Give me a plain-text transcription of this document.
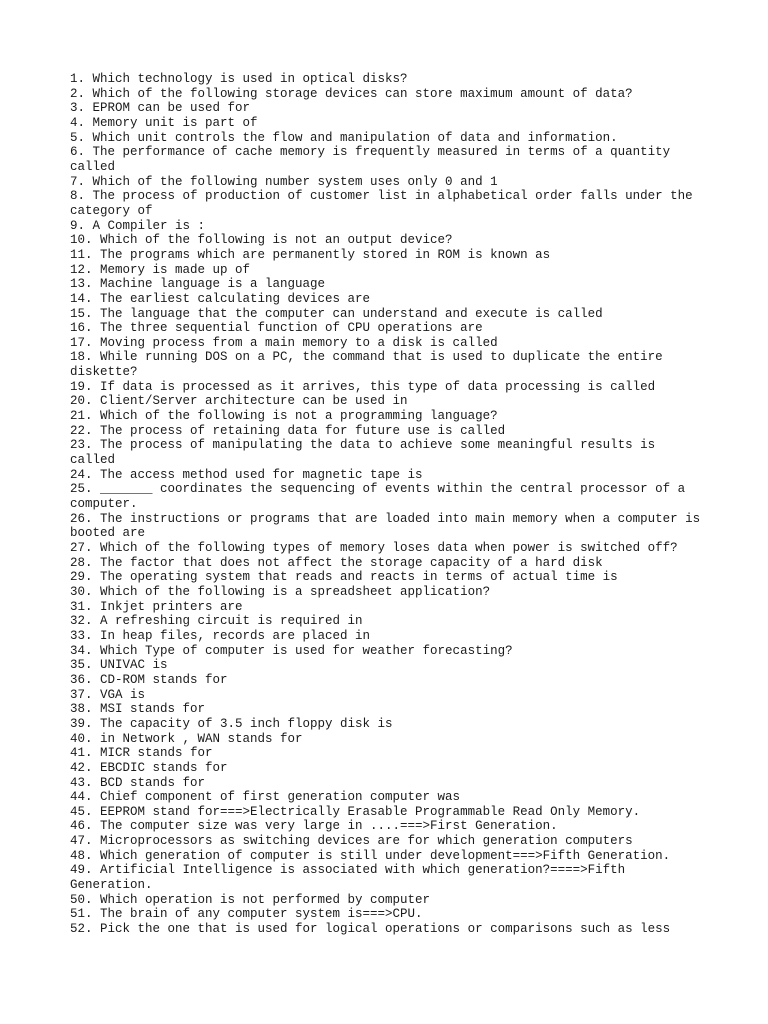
1. Which technology is used in optical disks?
2. Which of the following storage devices can store maximum amount of data?
3. EPROM can be used for
4. Memory unit is part of
5. Which unit controls the flow and manipulation of data and information.
6. The performance of cache memory is frequently measured in terms of a quantity called
7. Which of the following number system uses only 0 and 1
8. The process of production of customer list in alphabetical order falls under the category of
9. A Compiler is :
10. Which of the following is not an output device?
11. The programs which are permanently stored in ROM is known as
12. Memory is made up of
13. Machine language is a language
14. The earliest calculating devices are
15. The language that the computer can understand and execute is called
16. The three sequential function of CPU operations are
17. Moving process from a main memory to a disk is called
18. While running DOS on a PC, the command that is used to duplicate the entire diskette?
19. If data is processed as it arrives, this type of data processing is called
20. Client/Server architecture can be used in
21. Which of the following is not a programming language?
22. The process of retaining data for future use is called
23. The process of manipulating the data to achieve some meaningful results is called
24. The access method used for magnetic tape is
25. _______ coordinates the sequencing of events within the central processor of a computer.
26. The instructions or programs that are loaded into main memory when a computer is booted are
27. Which of the following types of memory loses data when power is switched off?
28. The factor that does not affect the storage capacity of a hard disk
29. The operating system that reads and reacts in terms of actual time is
30. Which of the following is a spreadsheet application?
31. Inkjet printers are
32. A refreshing circuit is required in
33. In heap files, records are placed in
34. Which Type of computer is used for weather forecasting?
35. UNIVAC is
36. CD-ROM stands for
37. VGA is
38. MSI stands for
39. The capacity of 3.5 inch floppy disk is
40. in Network , WAN stands for
41. MICR stands for
42. EBCDIC stands for
43. BCD stands for
44. Chief component of first generation computer was
45. EEPROM stand for===>Electrically Erasable Programmable Read Only Memory.
46. The computer size was very large in ....===>First Generation.
47. Microprocessors as switching devices are for which generation computers
48. Which generation of computer is still under development===>Fifth Generation.
49. Artificial Intelligence is associated with which generation?====>Fifth Generation.
50. Which operation is not performed by computer
51. The brain of any computer system is===>CPU.
52. Pick the one that is used for logical operations or comparisons such as less
